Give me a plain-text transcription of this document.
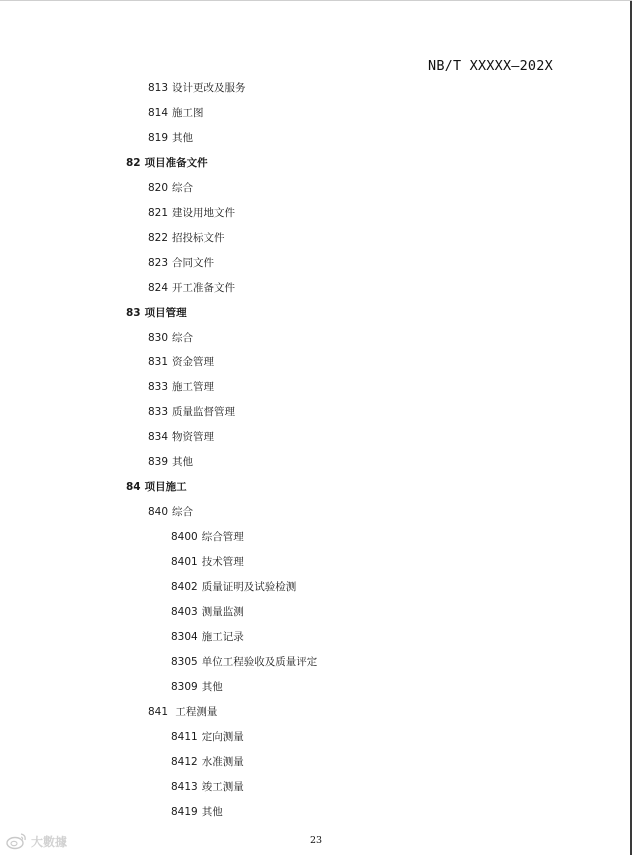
NB/T XXXXX—202X
813 设计更改及服务
814 施工图
819 其他
82 项目准备文件
820 综合
821 建设用地文件
822 招投标文件
823 合同文件
824 开工准备文件
83 项目管理
830 综合
831 资金管理
833 施工管理
833 质量监督管理
834 物资管理
839 其他
84 项目施工
840 综合
8400 综合管理
8401 技术管理
8402 质量证明及试验检测
8403 测量监测
8304 施工记录
8305 单位工程验收及质量评定
8309 其他
841 工程测量
8411 定向测量
8412 水准测量
8413 竣工测量
8419 其他
23
大數據
